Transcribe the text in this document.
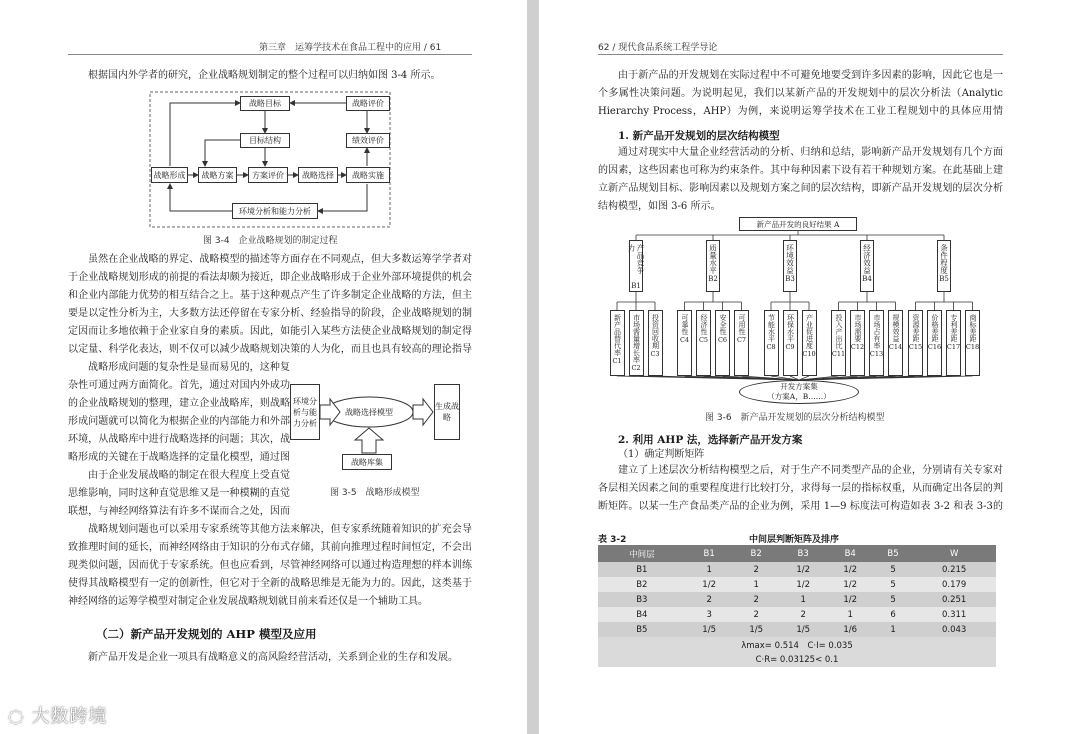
第三章　运筹学技术在食品工程中的应用 / 61
根据国内外学者的研究，企业战略规划制定的整个过程可以归纳如图 3-4 所示。
战略目标	战略评价
目标结构	绩效评价
战略形成	战略方案	方案评价	战略选择	战略实施
环境分析和能力分析
图 3-4　企业战略规划的制定过程
虽然在企业战略的界定、战略模型的描述等方面存在不同观点，但大多数运筹学学者对于企业战略规划形成的前提的看法却颇为接近，即企业战略形成于企业外部环境提供的机会和企业内部能力优势的相互结合之上。基于这种观点产生了许多制定企业战略的方法，但主要是以定性分析为主，大多数方法还停留在专家分析、经验指导的阶段，企业战略规划的制定因而让多地依赖于企业家自身的素质。因此，如能引入某些方法使企业战略规划的制定得以定量、科学化表达，则不仅可以减少战略规划决策的人为化，而且也具有较高的理论指导
战略形成问题的复杂性是显而易见的，这种复杂性可通过两方面简化。首先，通过对国内外成功的企业战略规划的整理，建立企业战略库，则战略形成问题就可以简化为根据企业的内部能力和外部环境，从战略库中进行战略选择的问题；其次，战略形成的关键在于战略选择的定量化模型，通过图
环境分析与能力分析
战略选择模型
生成战略
战略库集
图 3-5　战略形成模型
由于企业发展战略的制定在很大程度上受直觉思维影响，同时这种直觉思维又是一种模糊的直觉联想，与神经网络算法有许多不谋而合之处，因而
战略规划问题也可以采用专家系统等其他方法来解决，但专家系统随着知识的扩充会导致推理时间的延长，而神经网络由于知识的分布式存储，其前向推理过程时间恒定，不会出现类似问题，因而优于专家系统。但也应看到，尽管神经网络可以通过构造理想的样本训练使得其战略模型有一定的创新性，但它对于全新的战略思维是无能为力的。因此，这类基于神经网络的运筹学模型对制定企业发展战略规划就目前来看还仅是一个辅助工具。
（二）新产品开发规划的 AHP 模型及应用
新产品开发是企业一项具有战略意义的高风险经营活动，关系到企业的生存和发展。
◌ 大数跨境
62 / 现代食品系统工程学导论
由于新产品的开发规划在实际过程中不可避免地要受到许多因素的影响，因此它也是一个多属性决策问题。为说明起见，我们以某新产品的开发规划中的层次分析法（Analytic Hierarchy Process，AHP）为例，来说明运筹学技术在工业工程规划中的具体应用情
1. 新产品开发规划的层次结构模型
通过对现实中大量企业经营活动的分析、归纳和总结，影响新产品开发规划有几个方面的因素，这些因素也可称为约束条件。其中每种因素下设有若干种规划方案。在此基础上建立新产品规划目标、影响因素以及规划方案之间的层次结构，即新产品开发规划的层次分析结构模型，如图 3-6 所示。
新产品开发的良好结果 A
产品竞争力
B1
质量水平
B2
环境效益
B3
经济效益
B4
条件程度
B5
新产品替代率
C1 市场需量增长率
C2
投资回收期
C3
可靠性
C4
经济性
C5
安全性
C6
可用性
C7	节能水平
C8
环保水平
C9 产业促进度
C10
投入产出比
C11
市场需要
C12 市场占有率
C13
规模效益
C14
资源差距
C15
价格差距
C16
专利差距
C17
商标差距
C18
开发方案集
（方案A，B……）
图 3-6　新产品开发规划的层次分析结构模型
2. 利用 AHP 法，选择新产品开发方案
（1）确定判断矩阵
建立了上述层次分析结构模型之后，对于生产不同类型产品的企业，分别请有关专家对各层相关因素之间的重要程度进行比较打分，求得每一层的指标权重，从而确定出各层的判断矩阵。以某一生产食品类产品的企业为例，采用 1—9 标度法可构造如表 3-2 和表 3-3的
表 3-2	中间层判断矩阵及排序
中间层	B1	B2	B3	B4	B5	W
B1	1	2	1/2	1/2	5	0.215
B2	1/2	1	1/2	1/2	5	0.179
B3	2	2	1	1/2	5	0.251
B4	3	2	2	1	6	0.311
B5	1/5	1/5	1/5	1/6	1	0.043
λmax= 0.514　C·I= 0.035						
C·R= 0.03125< 0.1						
